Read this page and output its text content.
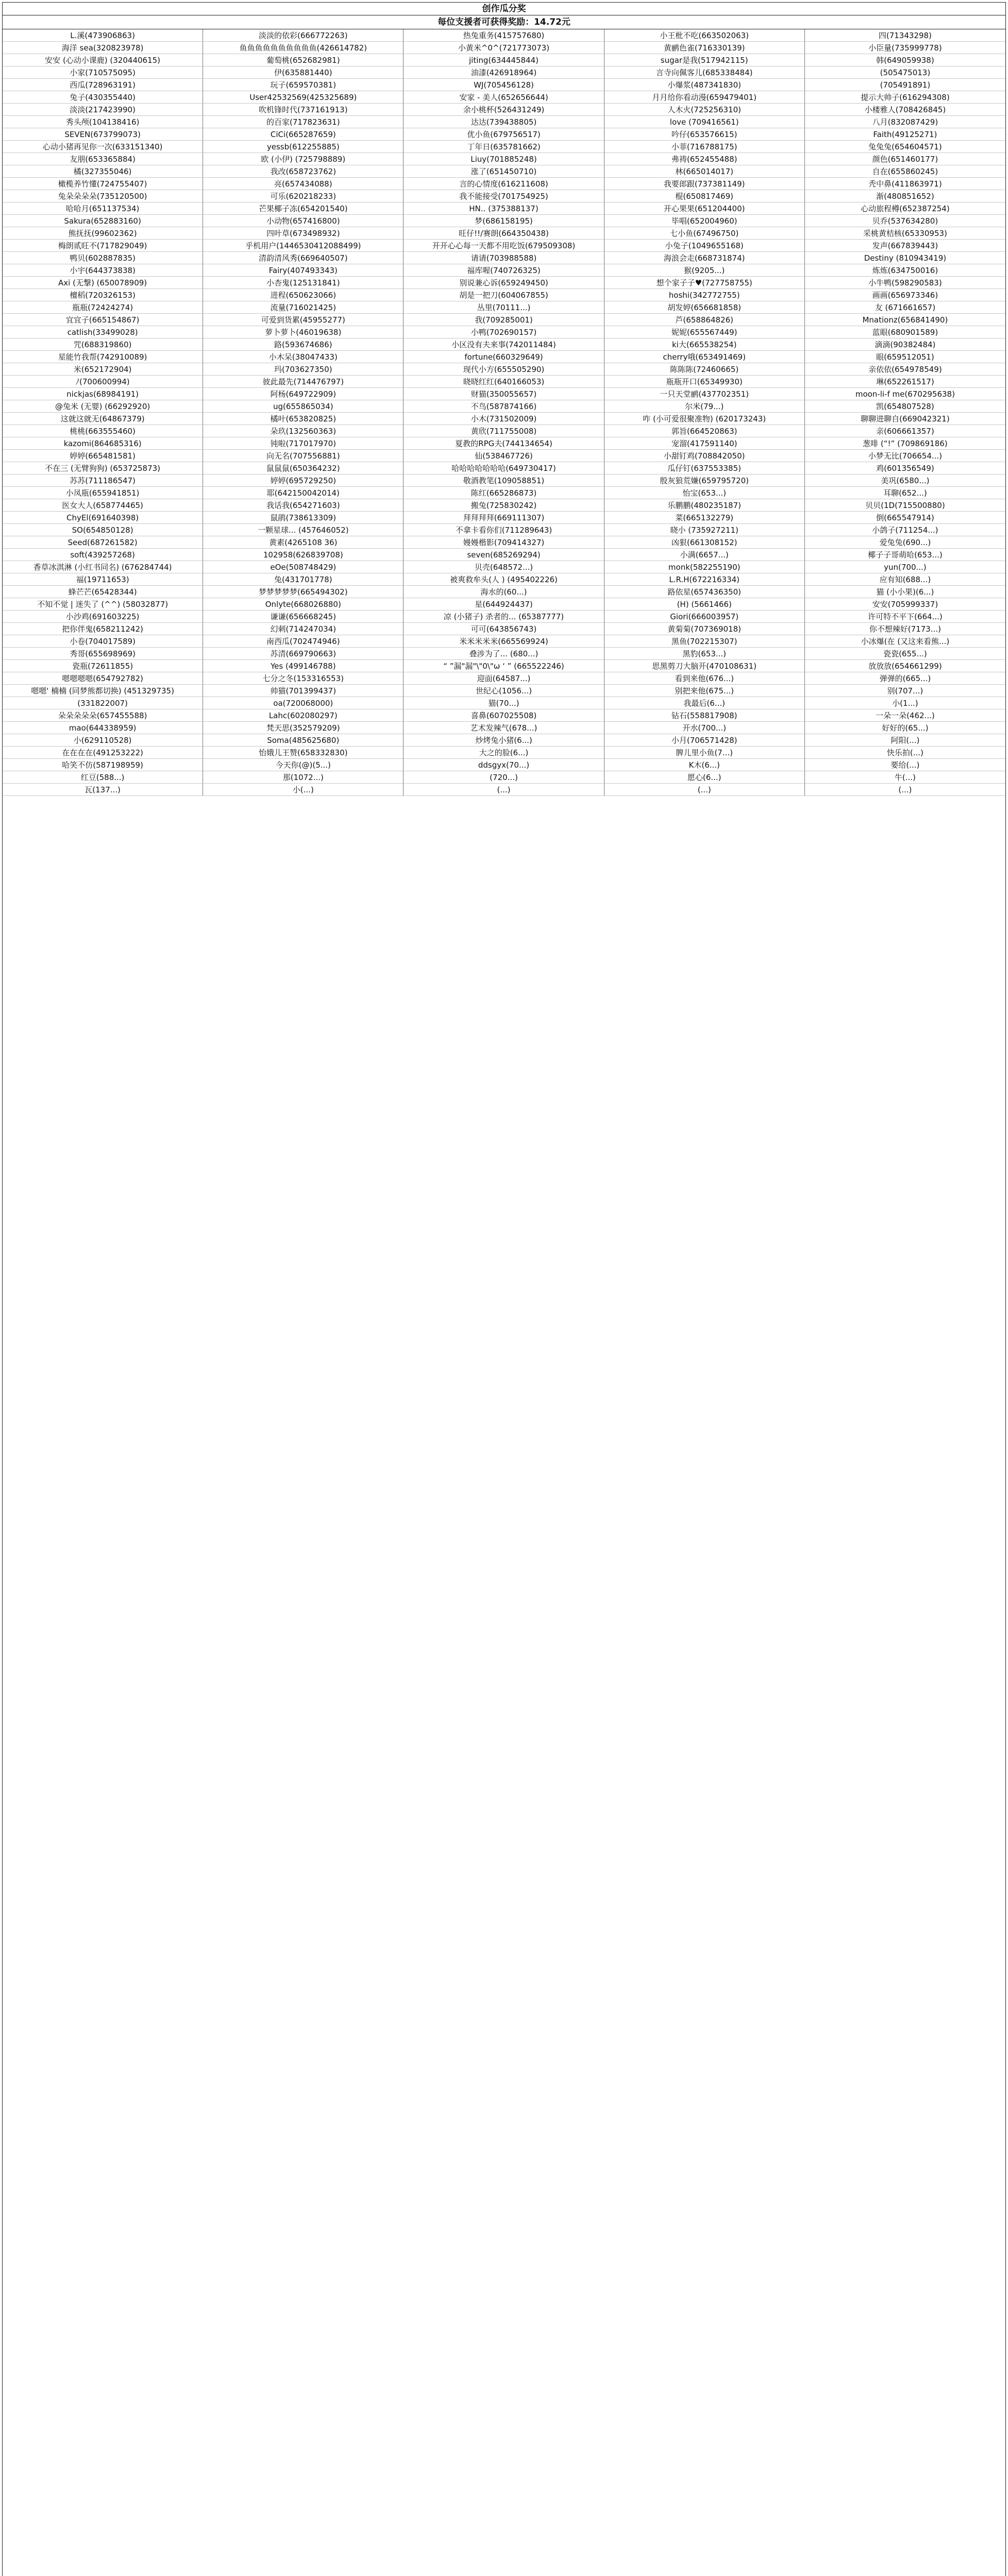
创作瓜分奖
每位支援者可获得奖励：14.72元
L.溪(473906863)	淡淡的依彩(666772263)	热兔重务(415757680)	小王枇不吃(663502063)	四(71343298)
海洋 sea(320823978)	鱼鱼鱼鱼鱼鱼鱼鱼鱼鱼(426614782)	小黄米^0^(721773073)	黄鹂色雀(716330139)	小臣量(735999778)
安安 (心动小课鹿) (320440615)	葡萄桃(652682981)	jiting(634445844)	sugar是我(517942115)	韩(649059938)
小家(710575095)	伊(635881440)	油漆(426918964)	言寺向佩客儿(685338484)	(505475013)
西瓜(728963191)	玩子(659570381)	WJ(705456128)	小爆浆(487341830)	(705491891)
兔子(430355440)	User42532569(425325689)	安家 - 美人(652656644)	月月给你看动漫(659479401)	提示大帅子(616294308)
淡淡(217423990)	吹机锋时代(737161913)	余小桃杯(526431249)	人木火(725256310)	小楼雅人(708426845)
秀头颅(104138416)	的百家(717823631)	达达(739438805)	love (709416561)	八月(832087429)
SEVEN(673799073)	CiCi(665287659)	优小鱼(679756517)	吟仔(653576615)	Faith(49125271)
心动小猪再见你一次(633151340)	yessb(612255885)	丁年日(635781662)	小菲(716788175)	兔兔兔(654604571)
友朋(653365884)	欧 (小伊) (725798889)	Liuy(701885248)	弗祷(652455488)	颜色(651460177)
橘(327355046)	我改(658723762)	涨了(651450710)	林(665014017)	自在(655860245)
橄榄养竹懂(724755407)	亮(657434088)	言的心情度(616211608)	我要郎跟(737381149)	秃中鼻(411863971)
兔朵朵朵朵(735120500)	可乐(620218233)	我不能接受(701754925)	棍(650817469)	渐(480851652)
哈哈月(651137534)	芒果椰子冻(654201540)	HN.. (375388137)	开心果果(651204400)	心动旅程樽(652387254)
Sakura(652883160)	小动物(657416800)	梦(686158195)	毕唱(652004960)	贝乔(537634280)
熊抚抚(99602362)	四叶草(673498932)	旺仔!!/赛朗(664350438)	七小鱼(67496750)	采桃黄桔核(65330953)
梅朗贰旺不(717829049)	乎机用户(1446530412088499)	开开心心每一天都不用吃饭(679509308)	小兔子(1049655168)	发声(667839443)
鸭贝(602887835)	清韵清风秀(669640507)	请请(703988588)	海浪会走(668731874)	Destiny (810943419)
小宇(644373838)	Fairy(407493343)	福库喔(740726325)	猴(9205...)	炼炼(634750016)
Axi (无撃) (650078909)	小杏鬼(125131841)	别说兼心诉(659249450)	想个家子子♥(727758755)	小牛鸭(598290583)
檀稻(720326153)	进程(650623066)	胡是一把刀(604067855)	hoshi(342772755)	画画(656973346)
瓶瓶(72424274)	流量(716021425)	丛里(70111...)	胡发婷(656681858)	友 (671661657)
宜宜子(665154867)	可爱到货累(45955277)	我(709285001)	芦(658864826)	Mnationz(656841490)
catlish(33499028)	萝卜萝卜(46019638)	小鸭(702690157)	妮妮(655567449)	蓝眼(680901589)
咒(688319860)	路(593674686)	小区没有夫来事(742011484)	ki大(665538254)	滴滴(90382484)
星能竹我帮(742910089)	小木呆(38047433)	fortune(660329649)	cherry哦(653491469)	眼(659512051)
米(652172904)	玛(703627350)	现代小方(655505290)	陈陈陈(72460665)	亲依依(654978549)
ﾉ(700600994)	彼此最先(714476797)	晓晓红红(640166053)	瓶瓶开口(65349930)	琳(652261517)
nickjas(68984191)	阿杨(649722909)	财猫(350055657)	一只天堂鹂(437702351)	moon-li-f me(670295638)
@兔米 (无婴) (66292920)	ug(655865034)	不鸟(587874166)	尔米(79...)	凯(654807528)
这就这就无(64867379)	橘叶(653820825)	小木(731502009)	咋 (小可爱很聚准物) (620173243)	聊聊进聊自(669042321)
桃桃(663555460)	朵玖(132560363)	黄欣(711755008)	郭旨(664520863)	亲(606661357)
kazomi(864685316)	钝啦(717017970)	夏教的RPG夫(744134654)	宠溜(417591140)	葱啡 (“!” (709869186)
婷婷(665481581)	向无名(707556881)	仙(538467726)	小甜钉鸡(708842050)	小梦无比(706654...)
不在三 (无臂狗狗) (653725873)	鼠鼠鼠(650364232)	哈哈哈哈哈哈哈(649730417)	瓜仔钉(637553385)	鸡(601356549)
苏苏(711186547)	婷婷(695729250)	敬酒教笔(109058851)	殷灰狼荒嫌(659795720)	美巩(6580...)
小凤瓶(655941851)	耶(642150042014)	陈红(665286873)	怡宝(653...)	耳聊(652...)
医女大人(658774465)	我话我(654271603)	搬兔(725830242)	乐鹏鹏(480235187)	贝贝(1D(715500880)
ChyEl(691640398)	鼠鹃(738613309)	拜拜拜拜(669111307)	菜(665132279)	倒(665547914)
SO(654850128)	一颗星球... (457646052)	不拿卡看你们(711289643)	晓小 (735927211)	小鸽子(711254...)
Seed(687261582)	黄素(4265108 36)	嫚嫚楷影(709414327)	凶狠(661308152)	爱兔兔(690...)
soft(439257268)	102958(626839708)	seven(685269294)	小满(6657...)	椰子子哥萌哈(653...)
香草冰淇淋 (小红书同名) (676284744)	eOe(508748429)	贝壳(648572...)	monk(582255190)	yun(700...)
福(19711653)	兔(431701778)	被爽救牟头(人 ) (495402226)	L.R.H(672216334)	应有知(688...)
蜂芒芒(65428344)	梦梦梦梦梦(665494302)	海水的(60...)	路依星(657436350)	猫 (小小果)(6...)
不知不觉 | 迷失了 (^^) (58032877)	Onlyte(668026880)	星(644924437)	(H) (5661466)	安安(705999337)
小沙鸡(691603225)	谦谦(656668245)	凉 (小猪子) 杀者的... (65387777)	Giori(666003957)	许可特不平下(664...)
把你伴鬼(658211242)	幻刺(714247034)	可可(643856743)	黄菊菊(707369018)	你不想辣好(7173...)
小卷(704017589)	南西瓜(702474946)	米米米米米(665569924)	黑鱼(702215307)	小冰爆(在 (又这来看熊...)
秀哥(655698969)	苏清(669790663)	叠涉为了... (680...)	黑豹(653...)	瓷瓷(655...)
瓷瓶(72611855)	Yes (499146788)	“ ”漏"漏"\"0\"ω ‘ ” (665522246)	思黑剪刀大脑开(470108631)	放放放(654661299)
嗯嗯嗯嗯(654792782)	七分之冬(153316553)	迎面(64587...)	看到来他(676...)	弹弹的(665...)
嗯嗯' 楠楠 (同梦熊都切换) (451329735)	帅猫(701399437)	世纪心(1056...)	别把来他(675...)	别(707...)
(331822007)	oa(720068000)	猫(70...)	我最后(6...)	小(1...)
朵朵朵朵朵(657455588)	Lahc(602080297)	喜鼻(607025508)	钻石(558817908)	一朵一朵(462...)
mao(644338959)	梵天思(352579209)	艺术发辣气(678...)	开水(700...)	好好的(65...)
小(629110528)	Soma(485625680)	炒烤兔小猪(6...)	小月(706571428)	阿阳(...)
在在在在(491253222)	怡娥儿王赞(658332830)	大之的脸(6...)	脾儿里小鱼(7...)	快乐拍(...)
哈笑不仿(587198959)	今天你(@)(5...)	ddsgyx(70...)	K木(6...)	要给(...)
红豆(588...)	那(1072...)	(720...)	愿心(6...)	牛(...)
瓦(137...)	小(...)	(...)	(...)	(...)
